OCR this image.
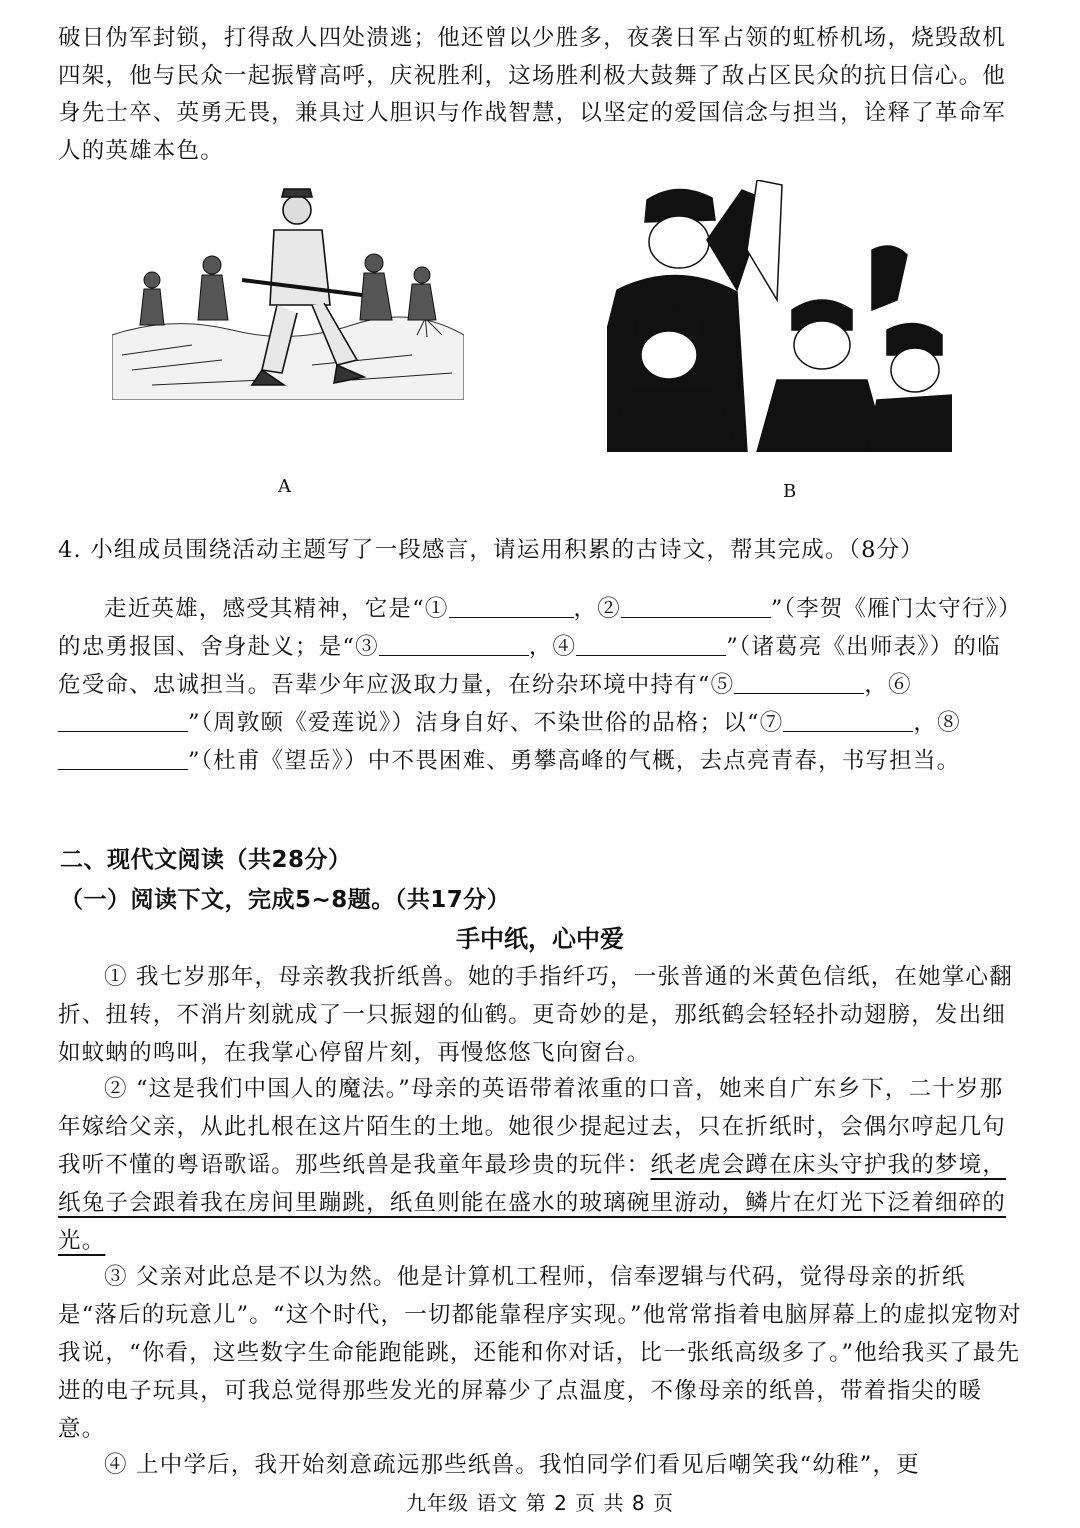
破日伪军封锁，打得敌人四处溃逃；他还曾以少胜多，夜袭日军占领的虹桥机场，烧毁敌机四架，他与民众一起振臂高呼，庆祝胜利，这场胜利极大鼓舞了敌占区民众的抗日信心。他身先士卒、英勇无畏，兼具过人胆识与作战智慧，以坚定的爱国信念与担当，诠释了革命军人的英雄本色。

A	B

4. 小组成员围绕活动主题写了一段感言，请运用积累的古诗文，帮其完成。（8分）

走近英雄，感受其精神，它是“①	，②	”（李贺《雁门太守行》）的忠勇报国、舍身赴义；是“③	，④	”（诸葛亮《出师表》）的临危受命、忠诚担当。吾辈少年应汲取力量，在纷杂环境中持有“⑤	，⑥”（周敦颐《爱莲说》）洁身自好、不染世俗的品格；以“⑦	，⑧”（杜甫《望岳》）中不畏困难、勇攀高峰的气概，去点亮青春，书写担当。

二、现代文阅读（共28分）

（一）阅读下文，完成5~8题。（共17分）

手中纸，心中爱

① 我七岁那年，母亲教我折纸兽。她的手指纤巧，一张普通的米黄色信纸，在她掌心翻折、扭转，不消片刻就成了一只振翅的仙鹤。更奇妙的是，那纸鹤会轻轻扑动翅膀，发出细如蚊蚋的鸣叫，在我掌心停留片刻，再慢悠悠飞向窗台。

② “这是我们中国人的魔法。”母亲的英语带着浓重的口音，她来自广东乡下，二十岁那年嫁给父亲，从此扎根在这片陌生的土地。她很少提起过去，只在折纸时，会偶尔哼起几句我听不懂的粤语歌谣。那些纸兽是我童年最珍贵的玩伴：纸老虎会蹲在床头守护我的梦境，纸兔子会跟着我在房间里蹦跳，纸鱼则能在盛水的玻璃碗里游动，鳞片在灯光下泛着细碎的光。

③ 父亲对此总是不以为然。他是计算机工程师，信奉逻辑与代码，觉得母亲的折纸是“落后的玩意儿”。“这个时代，一切都能靠程序实现。”他常常指着电脑屏幕上的虚拟宠物对我说，“你看，这些数字生命能跑能跳，还能和你对话，比一张纸高级多了。”他给我买了最先进的电子玩具，可我总觉得那些发光的屏幕少了点温度，不像母亲的纸兽，带着指尖的暖意。

④ 上中学后，我开始刻意疏远那些纸兽。我怕同学们看见后嘲笑我“幼稚”，更

九年级 语文 第 2 页 共 8 页
